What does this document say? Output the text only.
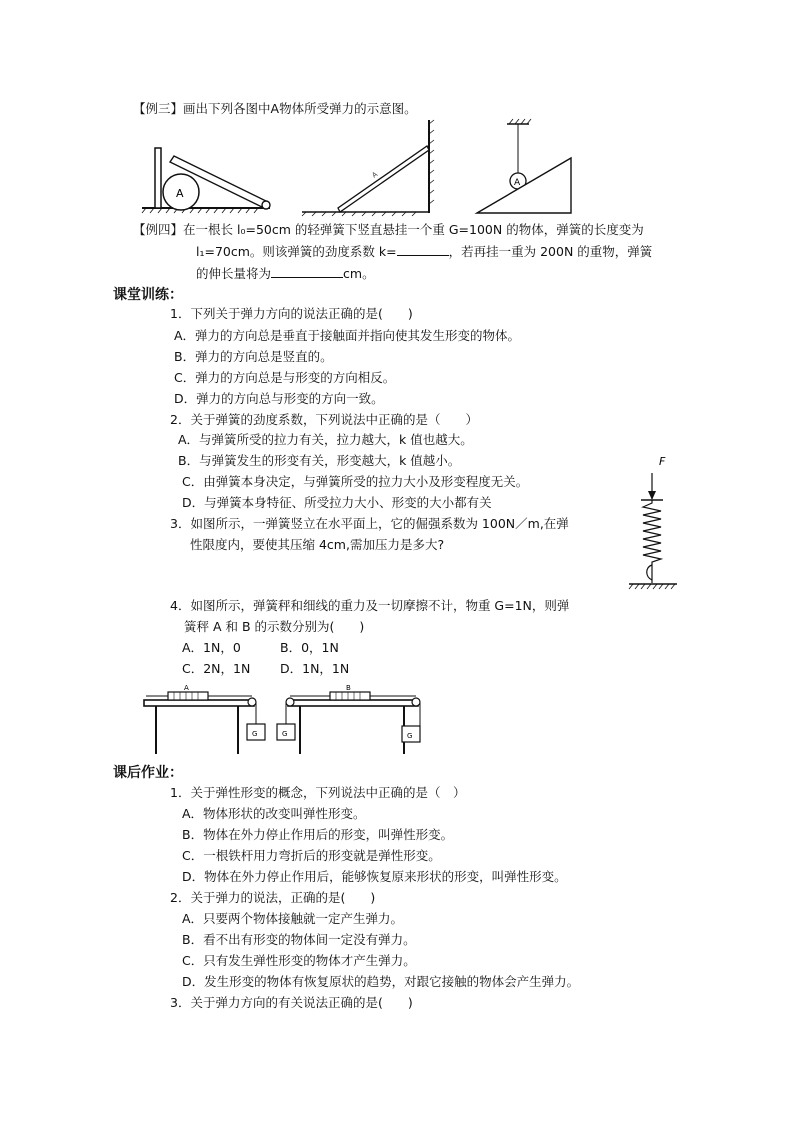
【例三】画出下列各图中A物体所受弹力的示意图。
A
A
A
【例四】在一根长 l₀=50cm 的轻弹簧下竖直悬挂一个重 G=100N 的物体，弹簧的长度变为
l₁=70cm。则该弹簧的劲度系数 k=	，若再挂一重为 200N 的重物，弹簧
的伸长量将为	cm。
课堂训练：
1．下列关于弹力方向的说法正确的是(　　)
A．弹力的方向总是垂直于接触面并指向使其发生形变的物体。
B．弹力的方向总是竖直的。
C．弹力的方向总是与形变的方向相反。
D．弹力的方向总与形变的方向一致。
2．关于弹簧的劲度系数，下列说法中正确的是（　　）
A．与弹簧所受的拉力有关，拉力越大，k 值也越大。
B．与弹簧发生的形变有关，形变越大，k 值越小。
C．由弹簧本身决定，与弹簧所受的拉力大小及形变程度无关。
D．与弹簧本身特征、所受拉力大小、形变的大小都有关
3．如图所示，一弹簧竖立在水平面上，它的倔强系数为 100N／m,在弹
性限度内，要使其压缩 4cm,需加压力是多大?
F
4．如图所示，弹簧秤和细线的重力及一切摩擦不计，物重 G=1N，则弹
簧秤 A 和 B 的示数分别为(　　)
A．1N，0	B．0，1N
C．2N，1N D．1N，1N
A
G
B
G	G
课后作业：
1．关于弹性形变的概念，下列说法中正确的是（　）
A．物体形状的改变叫弹性形变。
B．物体在外力停止作用后的形变，叫弹性形变。
C．一根铁杆用力弯折后的形变就是弹性形变。
D．物体在外力停止作用后，能够恢复原来形状的形变，叫弹性形变。
2．关于弹力的说法，正确的是(　　)
A．只要两个物体接触就一定产生弹力。
B．看不出有形变的物体间一定没有弹力。
C．只有发生弹性形变的物体才产生弹力。
D．发生形变的物体有恢复原状的趋势，对跟它接触的物体会产生弹力。
3．关于弹力方向的有关说法正确的是(　　)
